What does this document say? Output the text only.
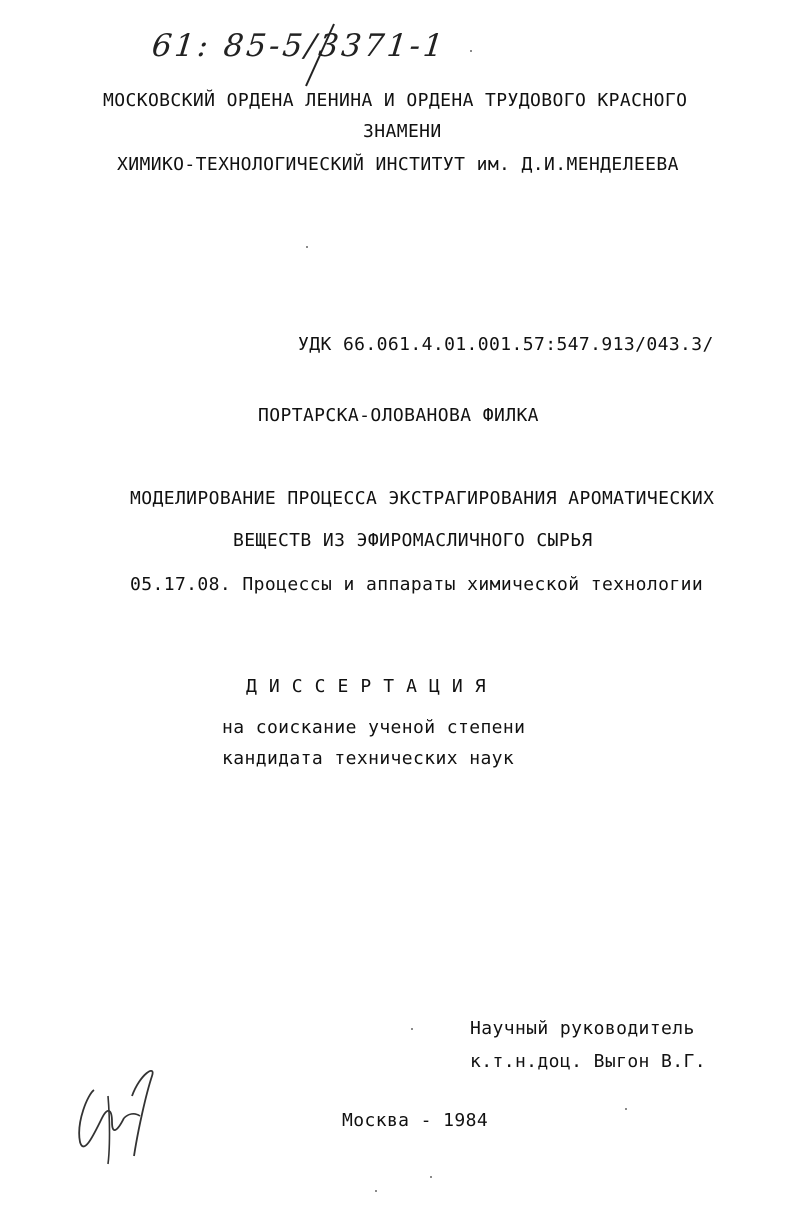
61: 85-5/3371-1
МОСКОВСКИЙ ОРДЕНА ЛЕНИНА И ОРДЕНА ТРУДОВОГО КРАСНОГО
ЗНАМЕНИ
ХИМИКО-ТЕХНОЛОГИЧЕСКИЙ ИНСТИТУТ им. Д.И.МЕНДЕЛЕЕВА
УДК 66.061.4.01.001.57:547.913/043.3/
ПОРТАРСКА-ОЛОВАНОВА ФИЛКА
МОДЕЛИРОВАНИЕ ПРОЦЕССА ЭКСТРАГИРОВАНИЯ АРОМАТИЧЕСКИХ
ВЕЩЕСТВ ИЗ ЭФИРОМАСЛИЧНОГО СЫРЬЯ
05.17.08. Процессы и аппараты химической технологии
Д И С С Е Р Т А Ц И Я
на соискание ученой степени
кандидата технических наук
Научный руководитель
к.т.н.доц. Выгон В.Г.
Москва - 1984
